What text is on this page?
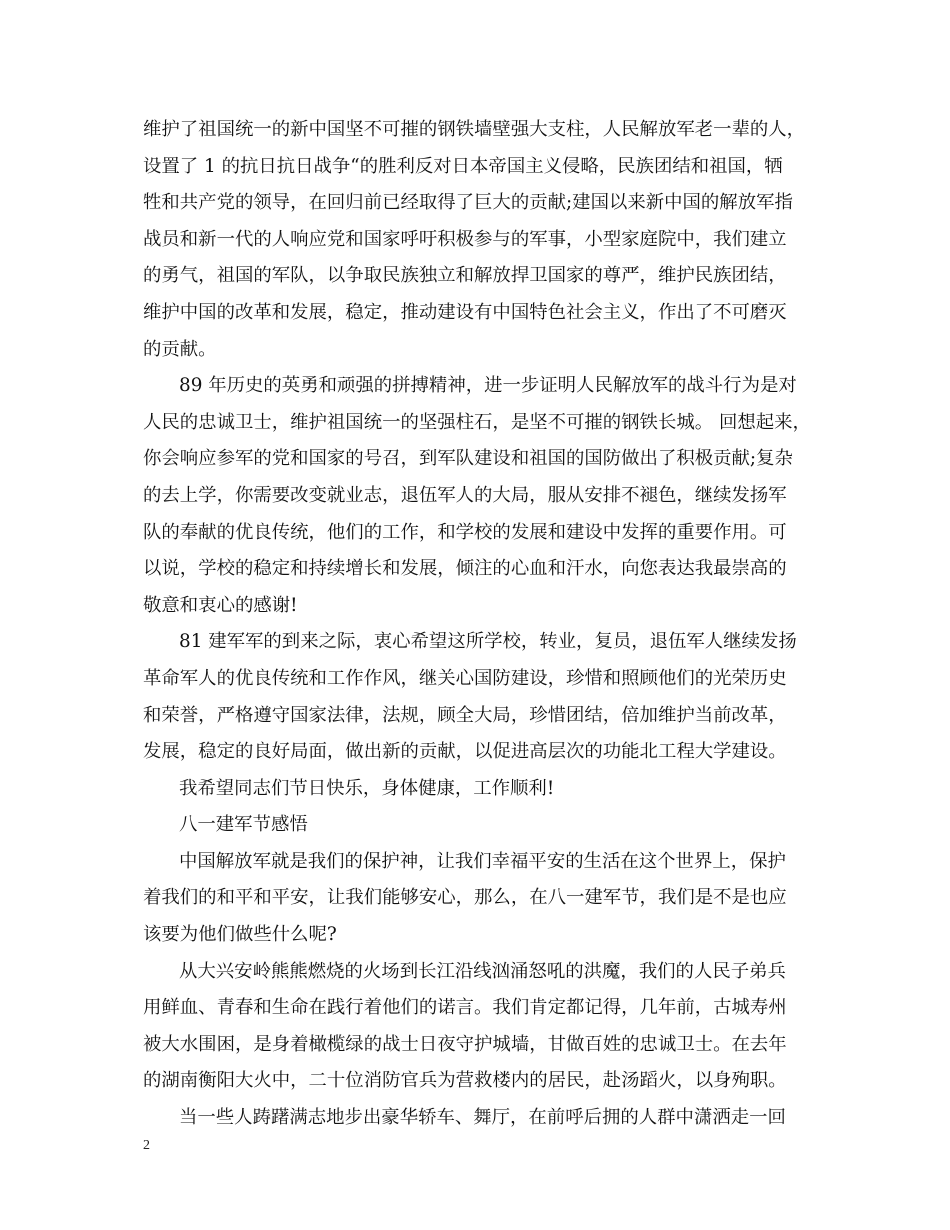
维护了祖国统一的新中国坚不可摧的钢铁墙壁强大支柱，人民解放军老一辈的人，
设置了 1 的抗日抗日战争“的胜利反对日本帝国主义侵略，民族团结和祖国，牺
牲和共产党的领导，在回归前已经取得了巨大的贡献;建国以来新中国的解放军指
战员和新一代的人响应党和国家呼吁积极参与的军事，小型家庭院中，我们建立
的勇气，祖国的军队，以争取民族独立和解放捍卫国家的尊严，维护民族团结，
维护中国的改革和发展，稳定，推动建设有中国特色社会主义，作出了不可磨灭
的贡献。
89 年历史的英勇和顽强的拼搏精神，进一步证明人民解放军的战斗行为是对
人民的忠诚卫士，维护祖国统一的坚强柱石，是坚不可摧的钢铁长城。 回想起来，
你会响应参军的党和国家的号召，到军队建设和祖国的国防做出了积极贡献;复杂
的去上学，你需要改变就业志，退伍军人的大局，服从安排不褪色，继续发扬军
队的奉献的优良传统，他们的工作，和学校的发展和建设中发挥的重要作用。可
以说，学校的稳定和持续增长和发展，倾注的心血和汗水，向您表达我最崇高的
敬意和衷心的感谢!
81 建军军的到来之际，衷心希望这所学校，转业，复员，退伍军人继续发扬
革命军人的优良传统和工作作风，继关心国防建设，珍惜和照顾他们的光荣历史
和荣誉，严格遵守国家法律，法规，顾全大局，珍惜团结，倍加维护当前改革，
发展，稳定的良好局面，做出新的贡献，以促进高层次的功能北工程大学建设。
我希望同志们节日快乐，身体健康，工作顺利!
八一建军节感悟
中国解放军就是我们的保护神，让我们幸福平安的生活在这个世界上，保护
着我们的和平和平安，让我们能够安心，那么，在八一建军节，我们是不是也应
该要为他们做些什么呢?
从大兴安岭熊熊燃烧的火场到长江沿线汹涌怒吼的洪魔，我们的人民子弟兵
用鲜血、青春和生命在践行着他们的诺言。我们肯定都记得，几年前，古城寿州
被大水围困，是身着橄榄绿的战士日夜守护城墙，甘做百姓的忠诚卫士。在去年
的湖南衡阳大火中，二十位消防官兵为营救楼内的居民，赴汤蹈火，以身殉职。
当一些人踌躇满志地步出豪华轿车、舞厅，在前呼后拥的人群中潇洒走一回
2
